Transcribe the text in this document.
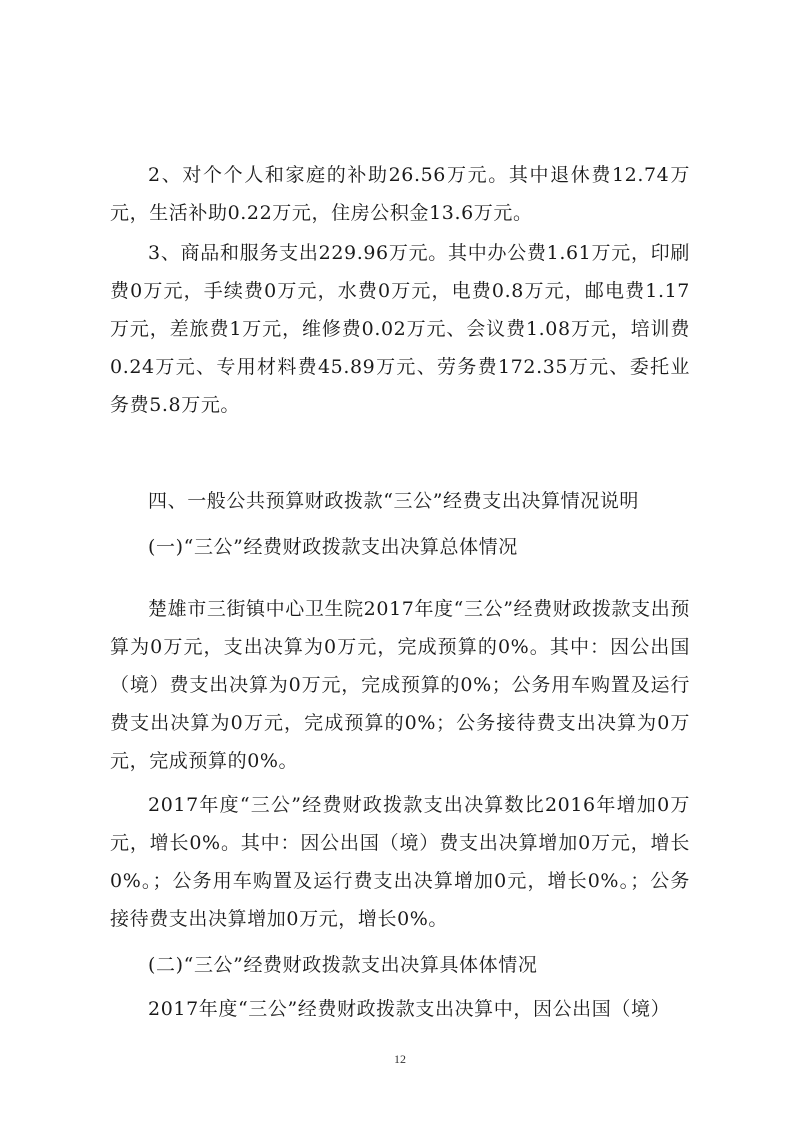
2、对个个人和家庭的补助26.56万元。其中退休费12.74万元，生活补助0.22万元，住房公积金13.6万元。

3、商品和服务支出229.96万元。其中办公费1.61万元，印刷费0万元，手续费0万元，水费0万元，电费0.8万元，邮电费1.17万元，差旅费1万元，维修费0.02万元、会议费1.08万元，培训费0.24万元、专用材料费45.89万元、劳务费172.35万元、委托业务费5.8万元。

四、一般公共预算财政拨款“三公”经费支出决算情况说明

(一)“三公”经费财政拨款支出决算总体情况

楚雄市三街镇中心卫生院2017年度“三公”经费财政拨款支出预算为0万元，支出决算为0万元，完成预算的0%。其中：因公出国（境）费支出决算为0万元，完成预算的0%；公务用车购置及运行费支出决算为0万元，完成预算的0%；公务接待费支出决算为0万元，完成预算的0%。

2017年度“三公”经费财政拨款支出决算数比2016年增加0万元，增长0%。其中：因公出国（境）费支出决算增加0万元，增长0%。；公务用车购置及运行费支出决算增加0元，增长0%。；公务接待费支出决算增加0万元，增长0%。

(二)“三公”经费财政拨款支出决算具体体情况

2017年度“三公”经费财政拨款支出决算中，因公出国（境）

12
